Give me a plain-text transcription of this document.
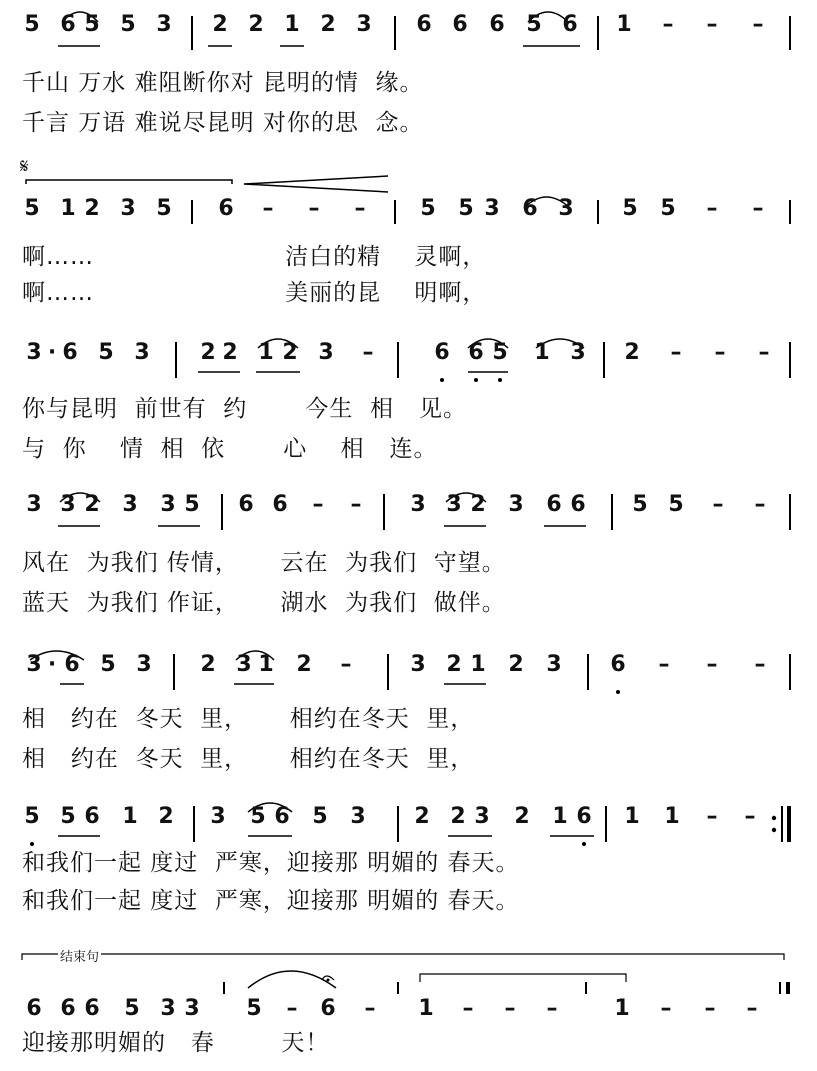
5 6 5 5 3 2 2 1 2 3 6 6 6 5 6 1 – – –
千山 万水 难阻断你对 昆明的情  缘。
千言 万语 难说尽昆明 对你的思  念。
𝄋
5 1 2 3 5 6 – – – 5 5 3 6 3 5 5 – –
啊……                       洁白的精    灵啊，
啊……                       美丽的昆    明啊，
3 · 6 5 3 2 2 1 2 3 –	6 6 5 1 3 2 – – –
你与昆明  前世有  约       今生  相   见。
与  你    情  相  依       心    相   连。
3 3 2 3 3 5 6 6 – – 3 3 2 3 6 6 5 5 – –
风在  为我们 传情，     云在  为我们  守望。
蓝天  为我们 作证，     湖水  为我们  做伴。
3 · 6 5 3 2 3 1 2 –	3 2 1 2 3 6 – – –
相   约在  冬天  里，     相约在冬天  里，
相   约在  冬天  里，     相约在冬天  里，
5 5 6 1 2 3 5 6 5 3 2 2 3 2 1 6 1 1 – –
和我们一起 度过  严寒，迎接那 明媚的 春天。
和我们一起 度过  严寒，迎接那 明媚的 春天。
结束句
6 6 6 5 3 3 5 – 6 – 1 – – –	1 – – –
迎接那明媚的   春        天！
